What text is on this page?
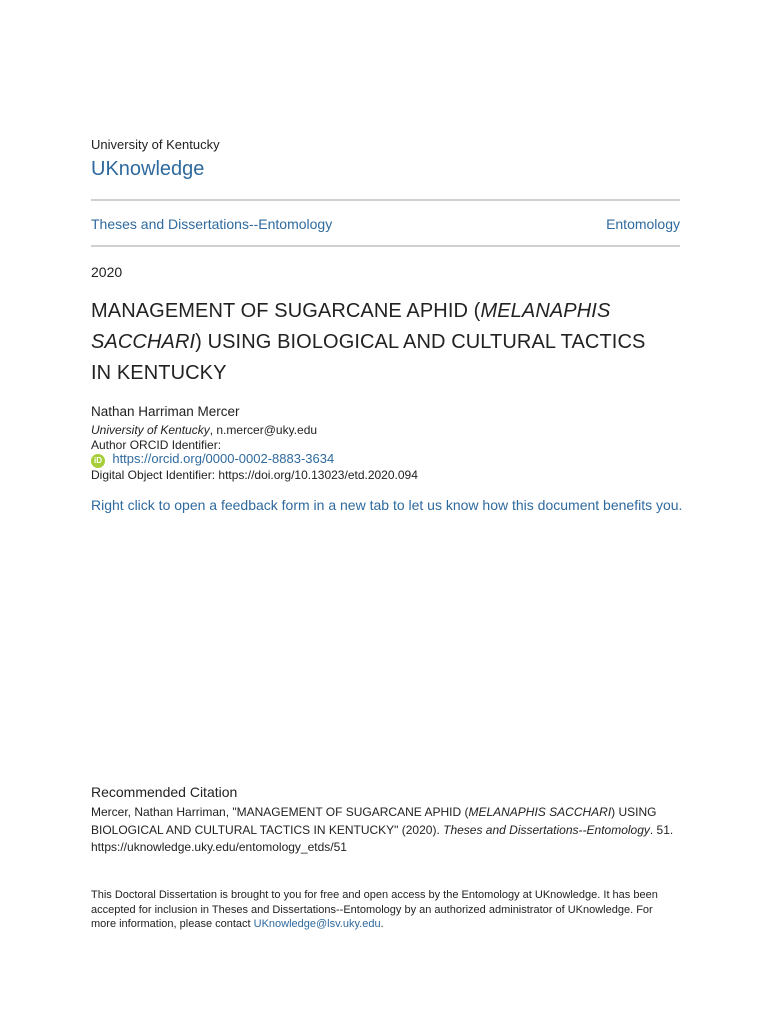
University of Kentucky
UKnowledge
Theses and Dissertations--Entomology	Entomology
2020
MANAGEMENT OF SUGARCANE APHID (MELANAPHIS SACCHARI) USING BIOLOGICAL AND CULTURAL TACTICS IN KENTUCKY
Nathan Harriman Mercer
University of Kentucky, n.mercer@uky.edu
Author ORCID Identifier:
iD https://orcid.org/0000-0002-8883-3634
Digital Object Identifier: https://doi.org/10.13023/etd.2020.094
Right click to open a feedback form in a new tab to let us know how this document benefits you.
Recommended Citation
Mercer, Nathan Harriman, "MANAGEMENT OF SUGARCANE APHID (MELANAPHIS SACCHARI) USING BIOLOGICAL AND CULTURAL TACTICS IN KENTUCKY" (2020). Theses and Dissertations--Entomology. 51.
https://uknowledge.uky.edu/entomology_etds/51
This Doctoral Dissertation is brought to you for free and open access by the Entomology at UKnowledge. It has been accepted for inclusion in Theses and Dissertations--Entomology by an authorized administrator of UKnowledge. For more information, please contact UKnowledge@lsv.uky.edu.
